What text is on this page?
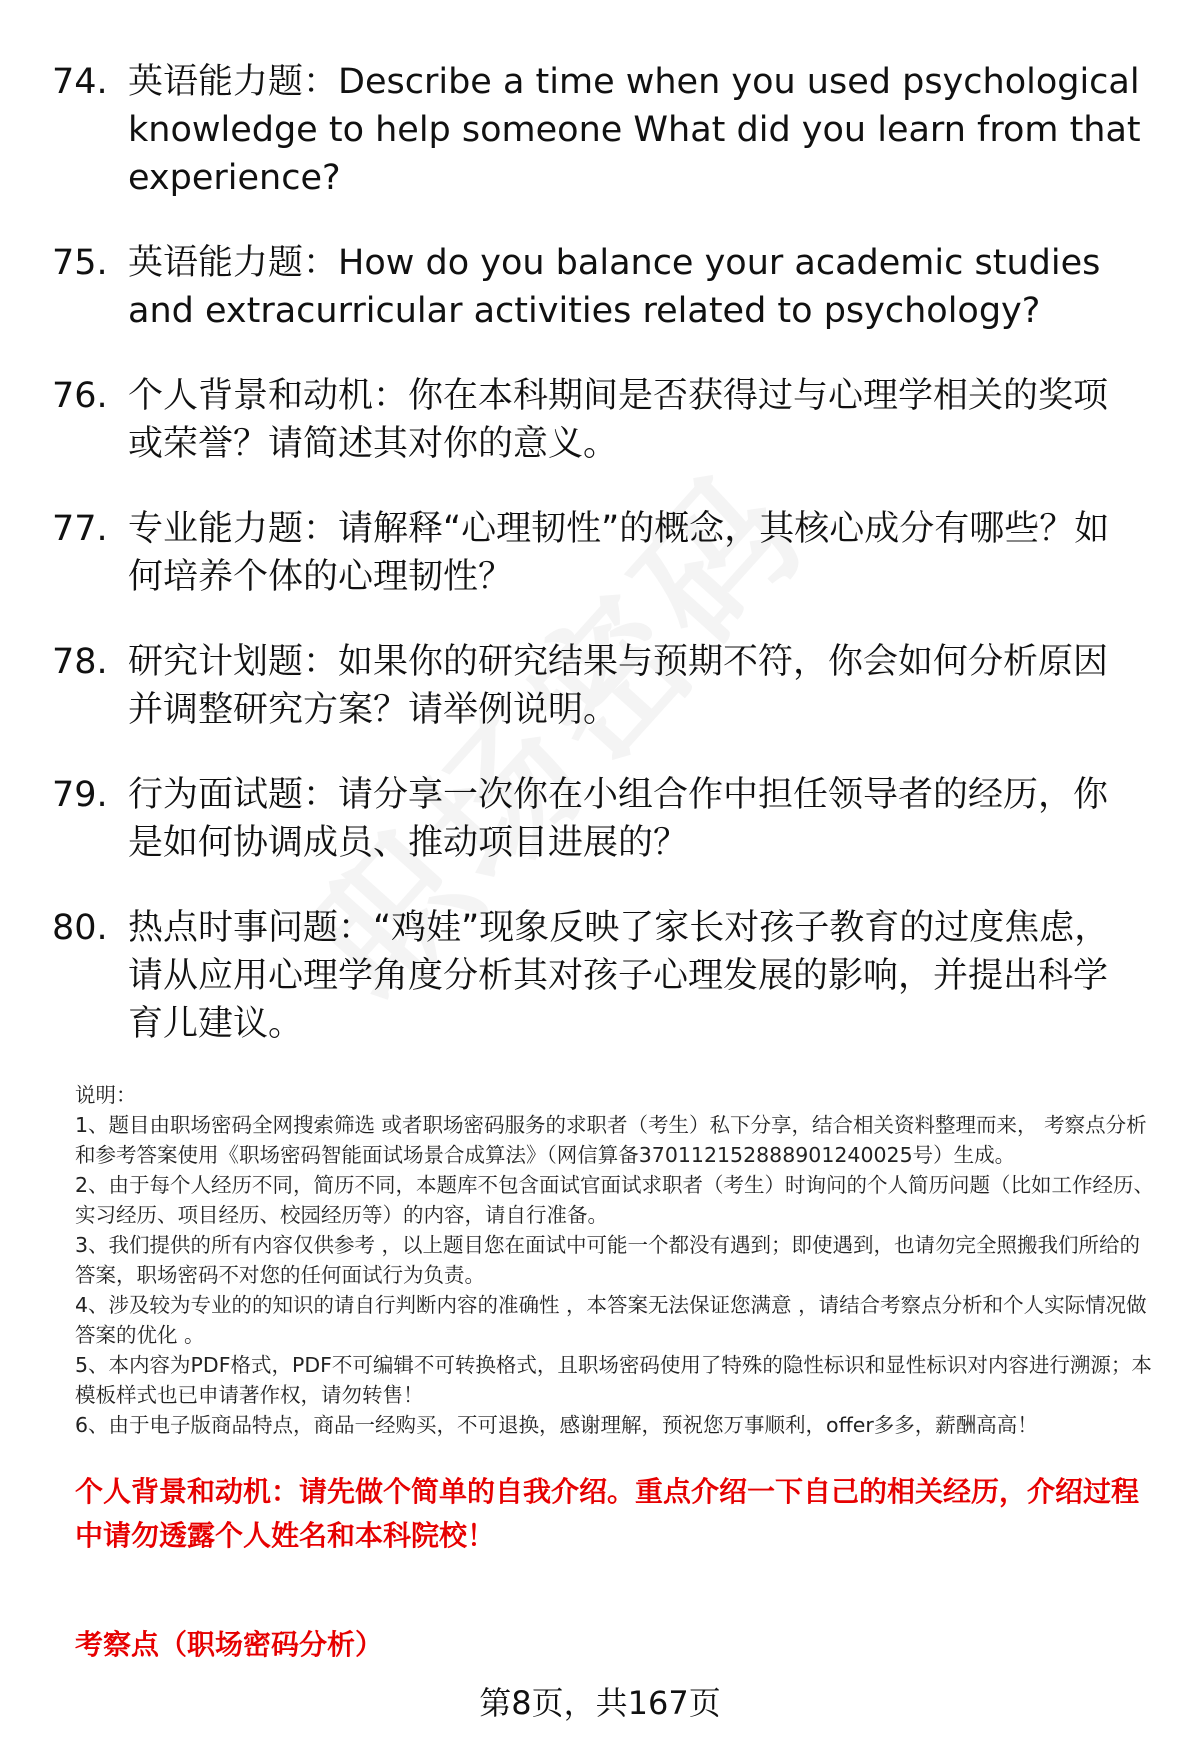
74. 英语能力题：Describe a time when you used psychological knowledge to help someone What did you learn from that experience?
75. 英语能力题：How do you balance your academic studies and extracurricular activities related to psychology?
76. 个人背景和动机：你在本科期间是否获得过与心理学相关的奖项或荣誉？请简述其对你的意义。
77. 专业能力题：请解释“心理韧性”的概念，其核心成分有哪些？如何培养个体的心理韧性？
78. 研究计划题：如果你的研究结果与预期不符，你会如何分析原因并调整研究方案？请举例说明。
79. 行为面试题：请分享一次你在小组合作中担任领导者的经历，你是如何协调成员、推动项目进展的？
80. 热点时事问题：“鸡娃”现象反映了家长对孩子教育的过度焦虑，请从应用心理学角度分析其对孩子心理发展的影响，并提出科学育儿建议。
说明：

1、题目由职场密码全网搜索筛选 或者职场密码服务的求职者（考生）私下分享，结合相关资料整理而来， 考察点分析和参考答案使用《职场密码智能面试场景合成算法》（网信算备370112152888901240025号）生成。

2、由于每个人经历不同，简历不同，本题库不包含面试官面试求职者（考生）时询问的个人简历问题（比如工作经历、实习经历、项目经历、校园经历等）的内容，请自行准备。

3、我们提供的所有内容仅供参考 ，以上题目您在面试中可能一个都没有遇到；即使遇到，也请勿完全照搬我们所给的答案，职场密码不对您的任何面试行为负责。

4、涉及较为专业的的知识的请自行判断内容的准确性 ，本答案无法保证您满意 ，请结合考察点分析和个人实际情况做答案的优化 。

5、本内容为PDF格式，PDF不可编辑不可转换格式，且职场密码使用了特殊的隐性标识和显性标识对内容进行溯源；本模板样式也已申请著作权，请勿转售！

6、由于电子版商品特点，商品一经购买，不可退换，感谢理解，预祝您万事顺利，offer多多，薪酬高高！

个人背景和动机：请先做个简单的自我介绍。重点介绍一下自己的相关经历，介绍过程中请勿透露个人姓名和本科院校！
考察点（职场密码分析）
第8页，共167页
